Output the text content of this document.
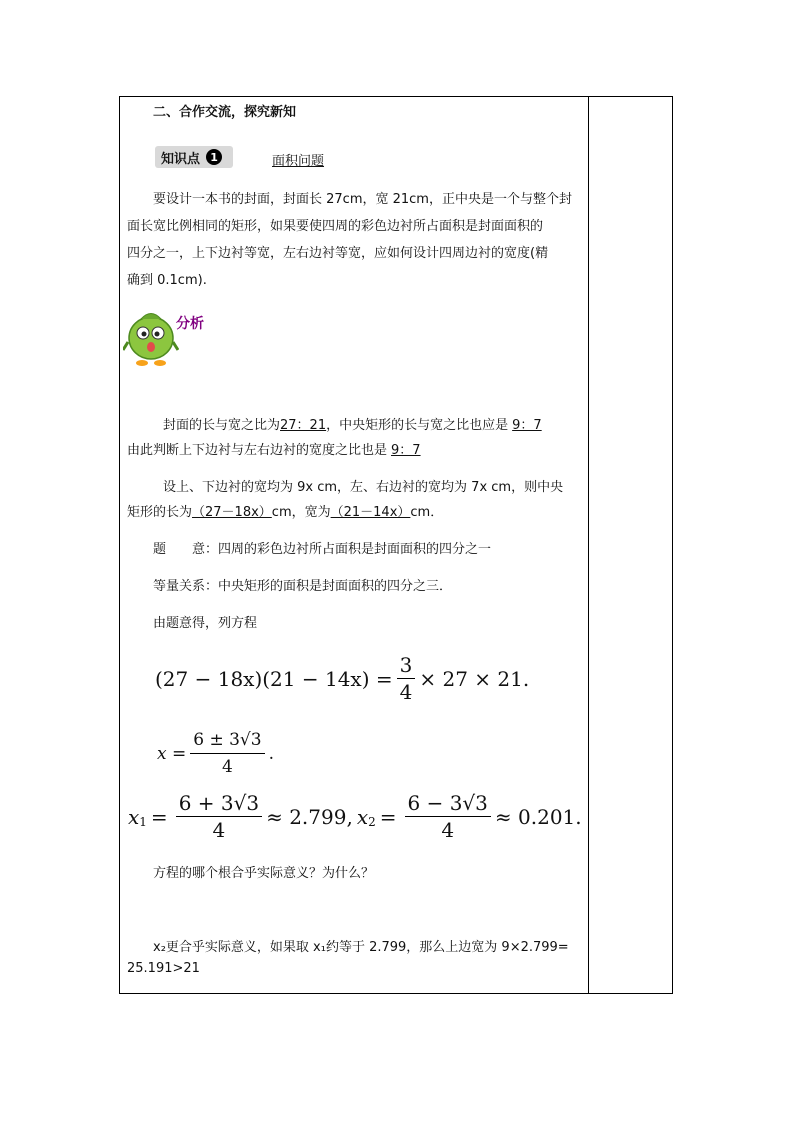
二、合作交流，探究新知
知识点 1	面积问题
要设计一本书的封面，封面长 27cm，宽 21cm，正中央是一个与整个封
面长宽比例相同的矩形，如果要使四周的彩色边衬所占面积是封面面积的
四分之一，上下边衬等宽，左右边衬等宽，应如何设计四周边衬的宽度(精
确到 0.1cm).
分析
封面的长与宽之比为27：21，中央矩形的长与宽之比也应是 9：7
由此判断上下边衬与左右边衬的宽度之比也是 9：7
设上、下边衬的宽均为 9x cm，左、右边衬的宽均为 7x cm，则中央
矩形的长为（27－18x）cm，宽为（21－14x）cm．
题　　意：四周的彩色边衬所占面积是封面面积的四分之一
等量关系：中央矩形的面积是封面面积的四分之三．
由题意得，列方程
$(27 - 18x)(21 - 14x) = \frac{3}{4} \times 27 \times 21$.
$x = \frac{6 \pm 3√3}{4}$ .
x $1 = \frac{6 + 3√3}{4} \approx 2.799$, x $2 = \frac{6 - 3√3}{4} \approx 0.201$.
方程的哪个根合乎实际意义？为什么？
x₂更合乎实际意义，如果取 x₁约等于 2.799，那么上边宽为 9×2.799=
25.191>21
